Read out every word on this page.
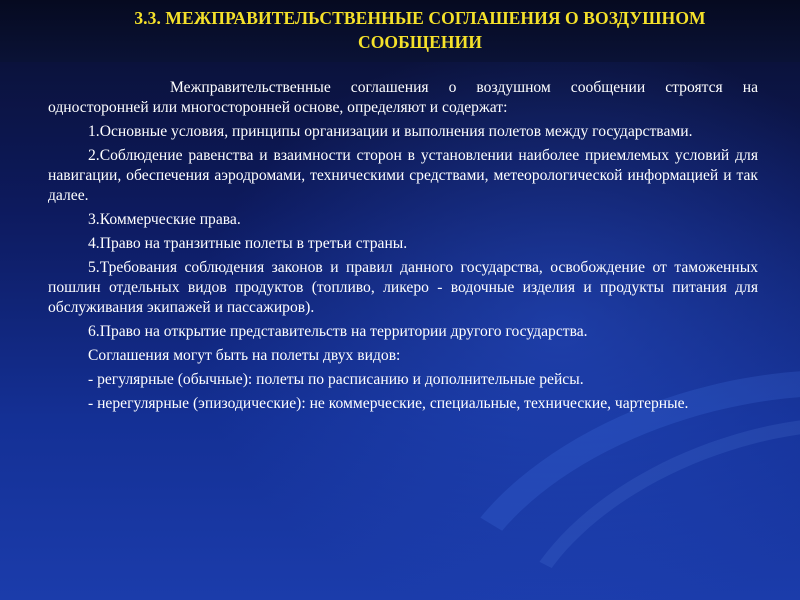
3.3. МЕЖПРАВИТЕЛЬСТВЕННЫЕ СОГЛАШЕНИЯ О ВОЗДУШНОМ
СООБЩЕНИИ

Межправительственные соглашения о воздушном сообщении строятся на односторонней или многосторонней основе, определяют и содержат:

1.Основные условия, принципы организации и выполнения полетов между государствами.

2.Соблюдение равенства и взаимности сторон в установлении наиболее приемлемых условий для навигации, обеспечения аэродромами, техническими средствами, метеорологической информацией и так далее.

3.Коммерческие права.

4.Право на транзитные полеты в третьи страны.

5.Требования соблюдения законов и правил данного государства, освобождение от таможенных пошлин отдельных видов продуктов (топливо, ликеро - водочные изделия и продукты питания для обслуживания экипажей и пассажиров).

6.Право на открытие представительств на территории другого государства.

Соглашения могут быть на полеты двух видов:

- регулярные (обычные): полеты по расписанию и дополнительные рейсы.

- нерегулярные (эпизодические): не коммерческие, специальные, технические, чартерные.
